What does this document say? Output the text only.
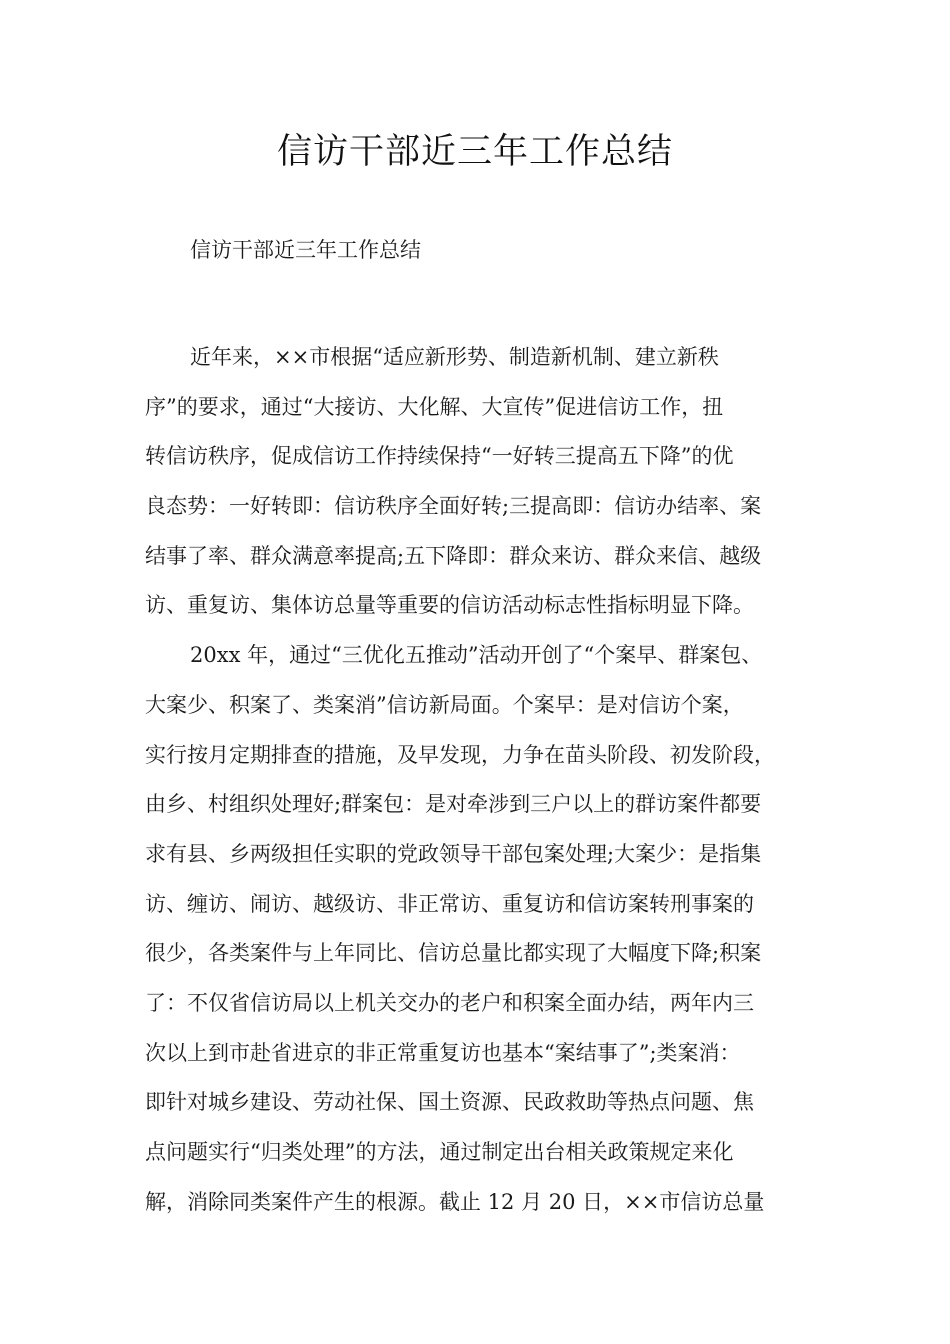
信访干部近三年工作总结

信访干部近三年工作总结

近年来，××市根据“适应新形势、制造新机制、建立新秩

序”的要求，通过“大接访、大化解、大宣传”促进信访工作，扭

转信访秩序，促成信访工作持续保持“一好转三提高五下降”的优

良态势：一好转即：信访秩序全面好转;三提高即：信访办结率、案

结事了率、群众满意率提高;五下降即：群众来访、群众来信、越级

访、重复访、集体访总量等重要的信访活动标志性指标明显下降。

20xx 年，通过“三优化五推动”活动开创了“个案早、群案包、

大案少、积案了、类案消”信访新局面。个案早：是对信访个案，

实行按月定期排查的措施，及早发现，力争在苗头阶段、初发阶段，

由乡、村组织处理好;群案包：是对牵涉到三户以上的群访案件都要

求有县、乡两级担任实职的党政领导干部包案处理;大案少：是指集

访、缠访、闹访、越级访、非正常访、重复访和信访案转刑事案的

很少，各类案件与上年同比、信访总量比都实现了大幅度下降;积案

了：不仅省信访局以上机关交办的老户和积案全面办结，两年内三

次以上到市赴省进京的非正常重复访也基本“案结事了”;类案消：

即针对城乡建设、劳动社保、国土资源、民政救助等热点问题、焦

点问题实行“归类处理”的方法，通过制定出台相关政策规定来化

解，消除同类案件产生的根源。截止 12 月 20 日，××市信访总量
